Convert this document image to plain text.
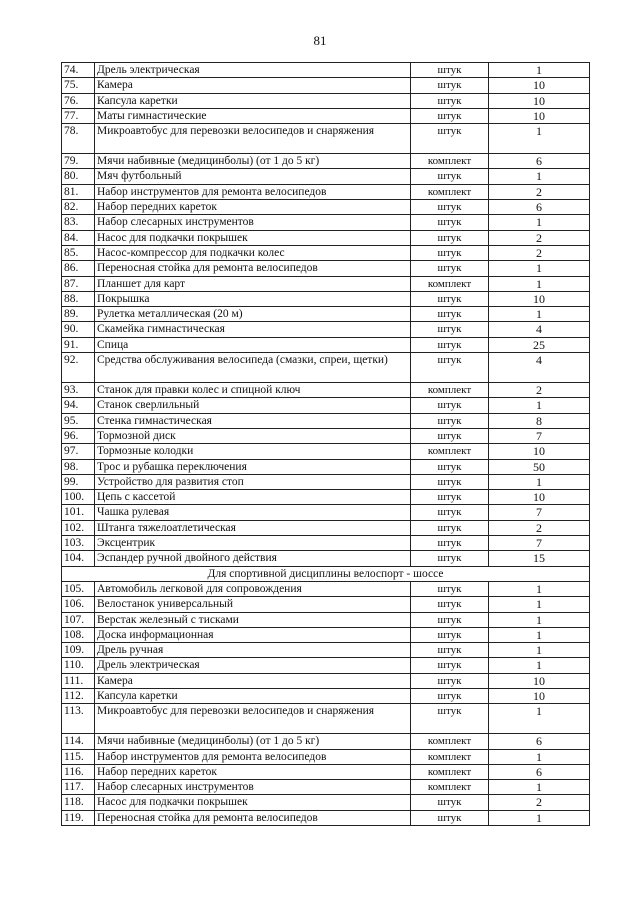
81
74.	Дрель электрическая	штук	1
75.	Камера	штук	10
76.	Капсула каретки	штук	10
77.	Маты гимнастические	штук	10
78.	Микроавтобус для перевозки велосипедов и снаряжения	штук	1
79.	Мячи набивные (медицинболы) (от 1 до 5 кг)	комплект	6
80.	Мяч футбольный	штук	1
81.	Набор инструментов для ремонта велосипедов	комплект	2
82.	Набор передних кареток	штук	6
83.	Набор слесарных инструментов	штук	1
84.	Насос для подкачки покрышек	штук	2
85.	Насос-компрессор для подкачки колес	штук	2
86.	Переносная стойка для ремонта велосипедов	штук	1
87.	Планшет для карт	комплект	1
88.	Покрышка	штук	10
89.	Рулетка металлическая (20 м)	штук	1
90.	Скамейка гимнастическая	штук	4
91.	Спица	штук	25
92.	Средства обслуживания велосипеда (смазки, спреи, щетки)	штук	4
93.	Станок для правки колес и спицной ключ	комплект	2
94.	Станок сверлильный	штук	1
95.	Стенка гимнастическая	штук	8
96.	Тормозной диск	штук	7
97.	Тормозные колодки	комплект	10
98.	Трос и рубашка переключения	штук	50
99.	Устройство для развития стоп	штук	1
100.	Цепь с кассетой	штук	10
101.	Чашка рулевая	штук	7
102.	Штанга тяжелоатлетическая	штук	2
103.	Эксцентрик	штук	7
104.	Эспандер ручной двойного действия	штук	15
Для спортивной дисциплины велоспорт - шоссе			
105.	Автомобиль легковой для сопровождения	штук	1
106.	Велостанок универсальный	штук	1
107.	Верстак железный с тисками	штук	1
108.	Доска информационная	штук	1
109.	Дрель ручная	штук	1
110.	Дрель электрическая	штук	1
111.	Камера	штук	10
112.	Капсула каретки	штук	10
113.	Микроавтобус для перевозки велосипедов и снаряжения	штук	1
114.	Мячи набивные (медицинболы) (от 1 до 5 кг)	комплект	6
115.	Набор инструментов для ремонта велосипедов	комплект	1
116.	Набор передних кареток	комплект	6
117.	Набор слесарных инструментов	комплект	1
118.	Насос для подкачки покрышек	штук	2
119.	Переносная стойка для ремонта велосипедов	штук	1
